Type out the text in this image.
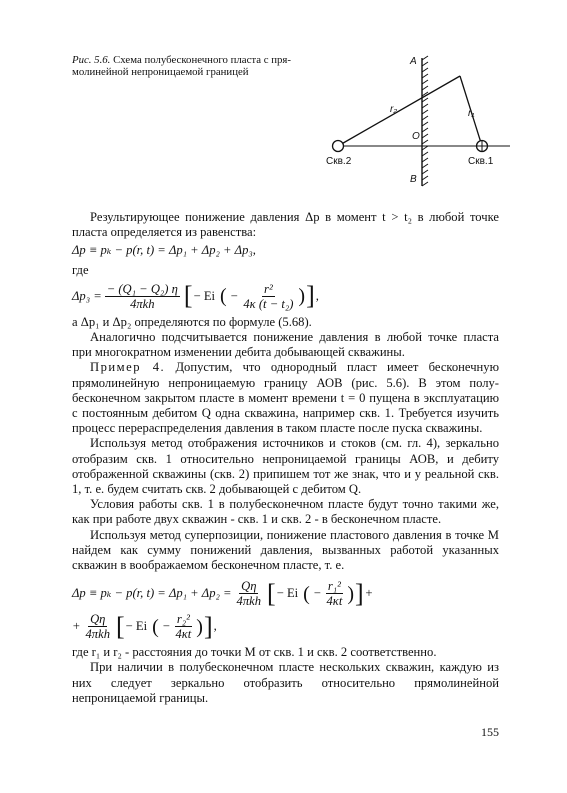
Рис. 5.6. Схема полубесконечного пласта с пря- молинейной непроницаемой границей
A
B
O
r₁
r₂
Скв.2	Скв.1

Результирующее понижение давления Δp в момент t > t₂ в любой точке пласта определяется из равенства:

Δp ≡ pₖ − p(r, t) = Δp₁ + Δp₂ + Δp₃,

где

$\Delta p_3 = \frac{\text{− (Q₁ − Q₂) η}}{\text{4πkh}}$ [ − Ei ( − $\frac{\text{r²}}{\text{4κ (t − t₂)}}$ ) ] ,

а Δp₁ и Δp₂ определяются по формуле (5.68).

Аналогично подсчитывается понижение давления в любой точке пласта при многократном изменении дебита добывающей скважины.

Пример 4. Допустим, что однородный пласт имеет бесконечную прямолинейную непроницаемую границу АОВ (рис. 5.6). В этом полу-бесконечном закрытом пласте в момент времени t = 0 пущена в эксплуатацию с постоянным дебитом Q одна скважина, например скв. 1. Требуется изучить процесс перераспределения давления в таком пласте после пуска скважины.

Используя метод отображения источников и стоков (см. гл. 4), зеркально отобразим скв. 1 относительно непроницаемой границы АОВ, и дебиту отображенной скважины (скв. 2) припишем тот же знак, что и у реальной скв. 1, т. е. будем считать скв. 2 добывающей с дебитом Q.

Условия работы скв. 1 в полубесконечном пласте будут точно такими же, как при работе двух скважин - скв. 1 и скв. 2 - в бесконечном пласте.

Используя метод суперпозиции, понижение пластового давления в точке М найдем как сумму понижений давления, вызванных работой указанных скважин в воображаемом бесконечном пласте, т. е.

Δp ≡ pₖ − p(r, $t) = \Delta p_1 + \Delta p_2 = \frac{Q\eta}{\text{4πkh}}$ [ − Ei ( − $\frac{\text{r₁²}}{4\kappa t}$ ) ] +
+ $\frac{Q\eta}{\text{4πkh}}$ [ − Ei ( − $\frac{\text{r₂²}}{4\kappa t}$ ) ] ,

где r₁ и r₂ - расстояния до точки М от скв. 1 и скв. 2 соответственно.

При наличии в полубесконечном пласте нескольких скважин, каждую из них следует зеркально отобразить относительно прямолинейной непроницаемой границы.

155
